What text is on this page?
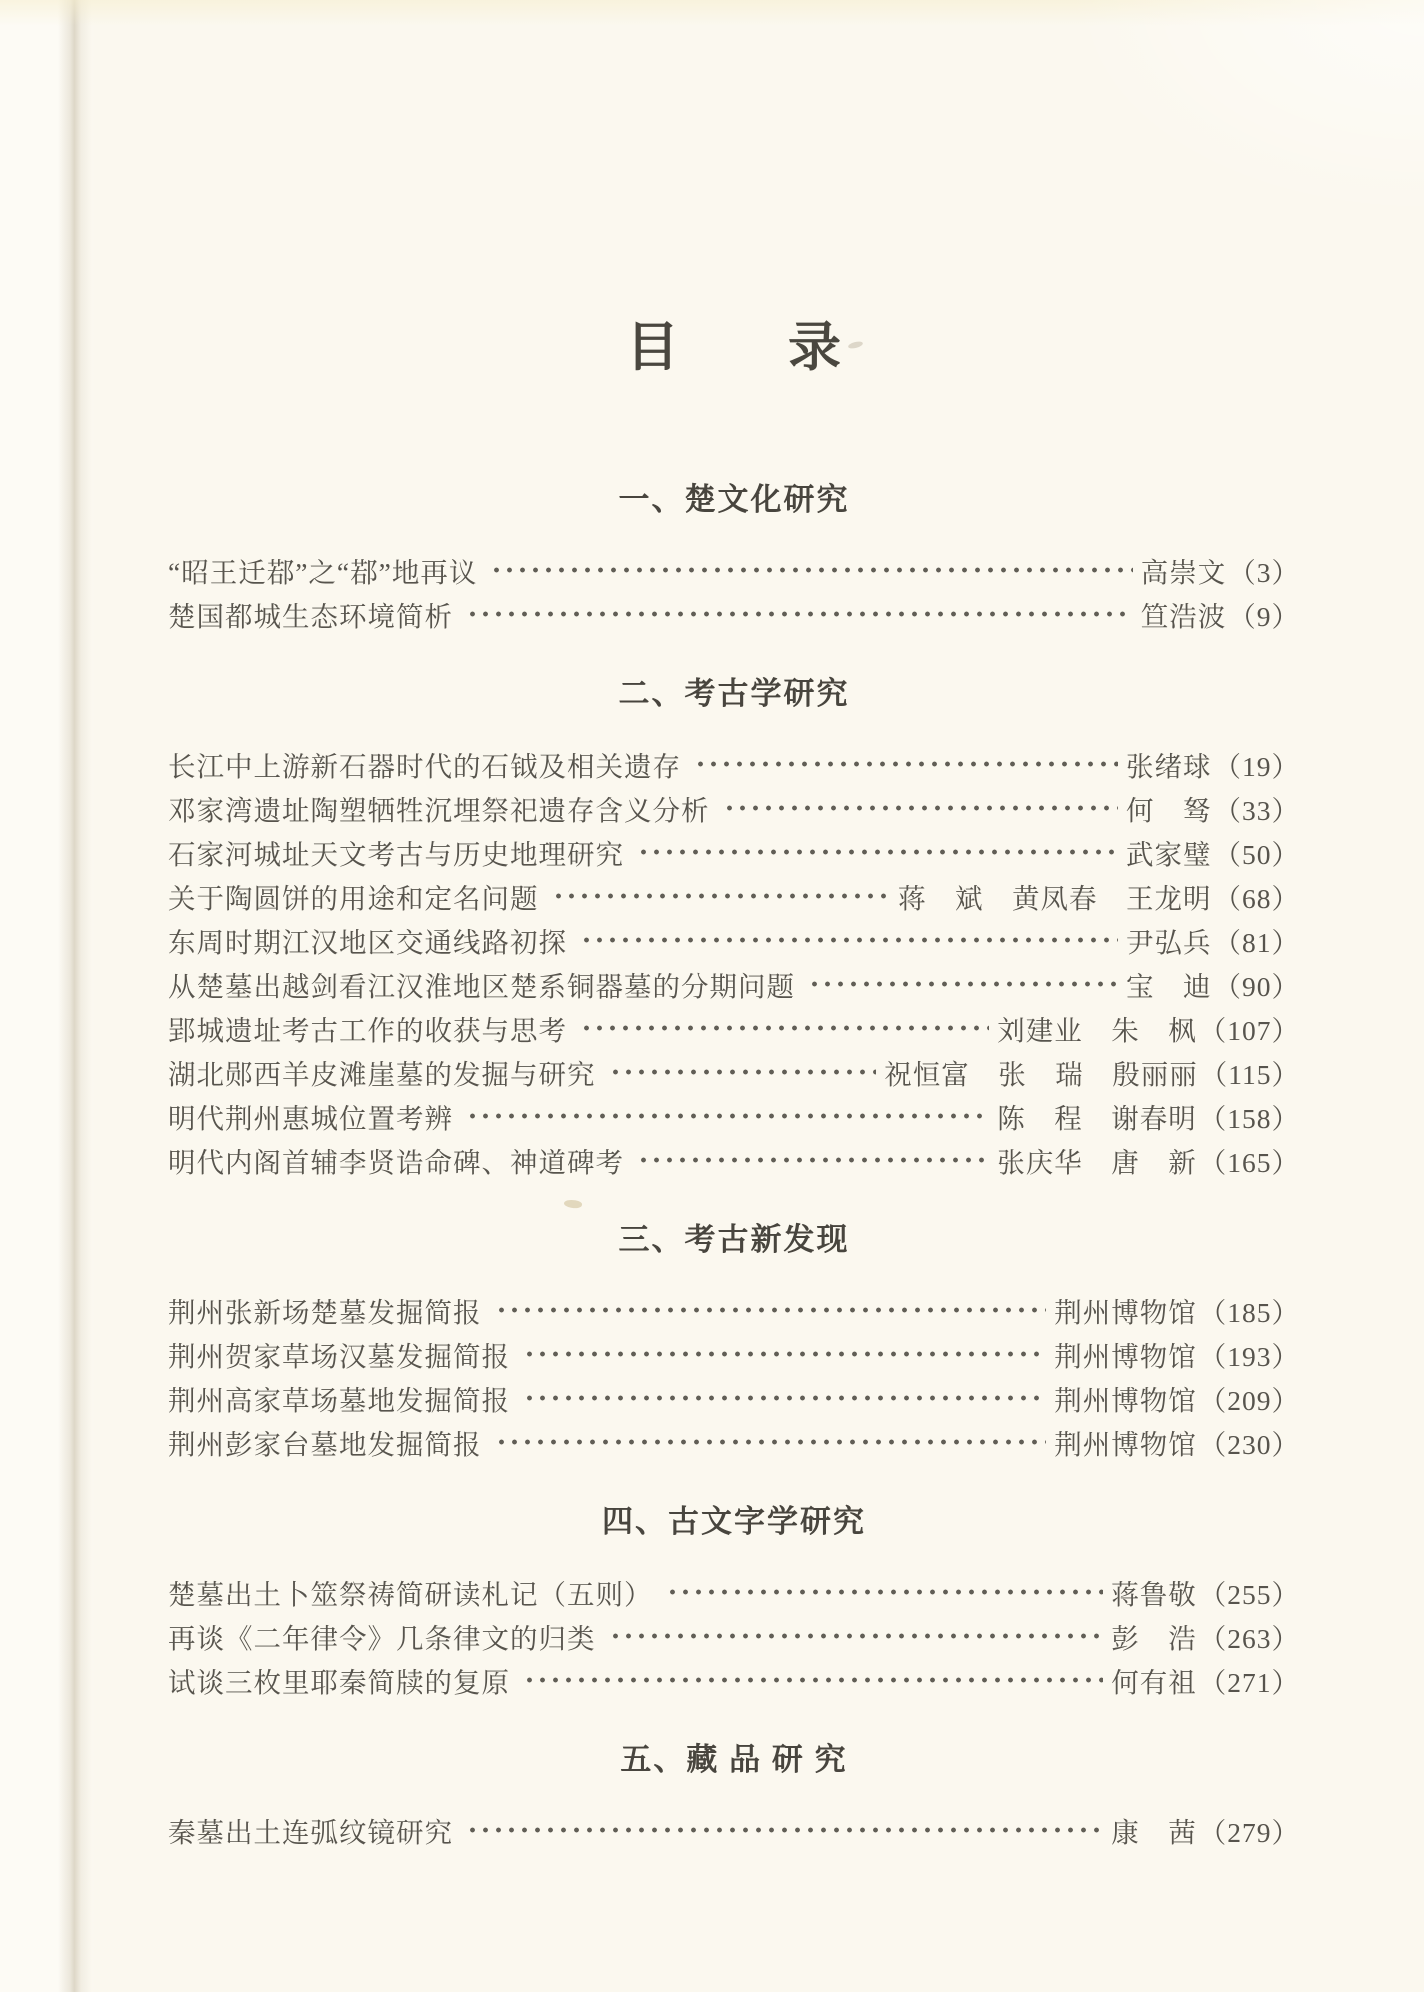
目 录
一、楚文化研究
“昭王迁鄀”之“鄀”地再议	高崇文 （3）
楚国都城生态环境简析	笪浩波 （9）
二、考古学研究
长江中上游新石器时代的石钺及相关遗存	张绪球 （19）
邓家湾遗址陶塑牺牲沉埋祭祀遗存含义分析	何　驽 （33）
石家河城址天文考古与历史地理研究	武家璧 （50）
关于陶圆饼的用途和定名问题	蒋　斌　黄凤春　王龙明 （68）
东周时期江汉地区交通线路初探	尹弘兵 （81）
从楚墓出越剑看江汉淮地区楚系铜器墓的分期问题	宝　迪 （90）
郢城遗址考古工作的收获与思考	刘建业　朱　枫 （107）
湖北郧西羊皮滩崖墓的发掘与研究	祝恒富　张　瑞　殷丽丽 （115）
明代荆州惠城位置考辨	陈　程　谢春明 （158）
明代内阁首辅李贤诰命碑、神道碑考	张庆华　唐　新 （165）
三、考古新发现
荆州张新场楚墓发掘简报	荆州博物馆 （185）
荆州贺家草场汉墓发掘简报	荆州博物馆 （193）
荆州高家草场墓地发掘简报	荆州博物馆 （209）
荆州彭家台墓地发掘简报	荆州博物馆 （230）
四、古文字学研究
楚墓出土卜筮祭祷简研读札记（五则）	蒋鲁敬 （255）
再谈《二年律令》几条律文的归类	彭　浩 （263）
试谈三枚里耶秦简牍的复原	何有祖 （271）
五、藏 品 研 究
秦墓出土连弧纹镜研究	康　茜 （279）
